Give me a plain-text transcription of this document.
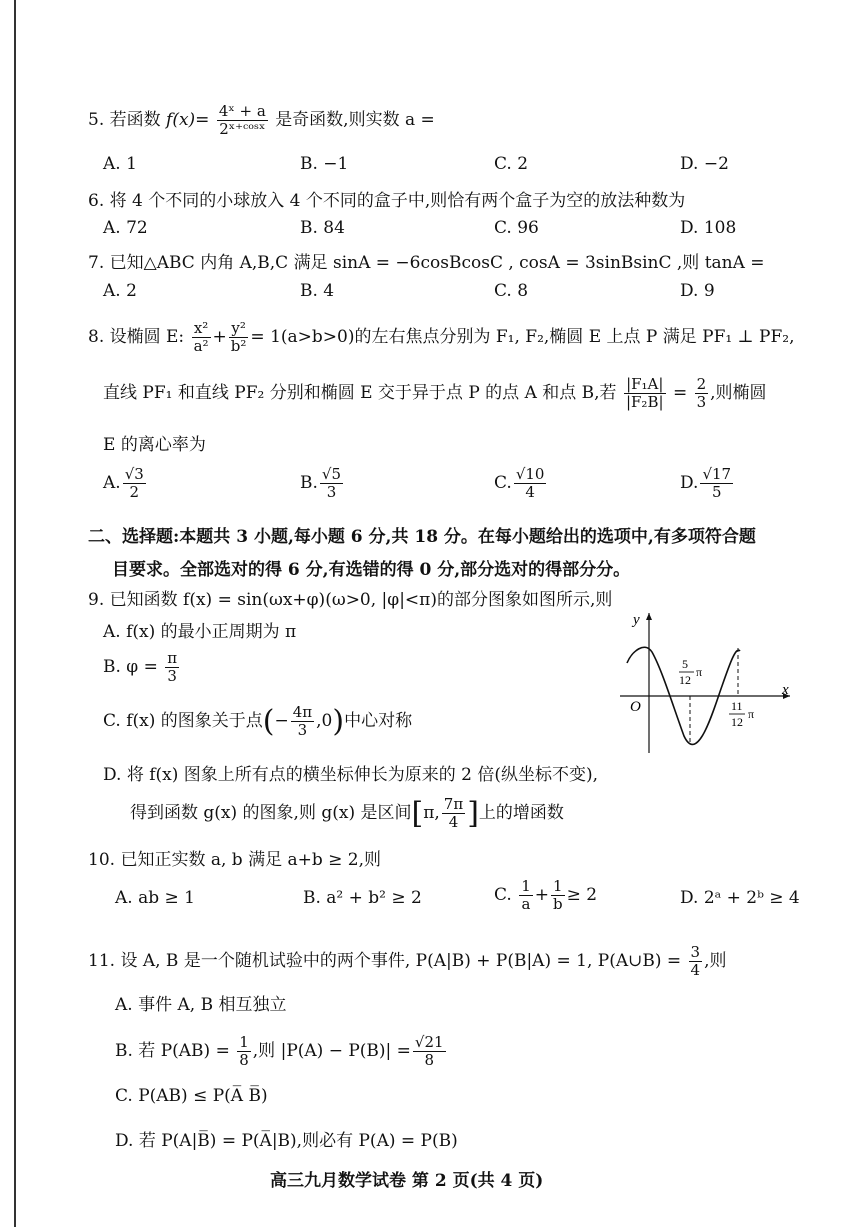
5. 若函数 $f(x)= \frac{\text{4ˣ + a}}{\text{2ˣ⁺ᶜᵒˢˣ}}$ 是奇函数,则实数 a =
A. 1	B. −1	C. 2	D. −2
6. 将 4 个不同的小球放入 4 个不同的盒子中,则恰有两个盒子为空的放法种数为
A. 72	B. 84	C. 96	D. 108
7. 已知△ABC 内角 A,B,C 满足 sinA = −6cosBcosC , cosA = 3sinBsinC ,则 tanA =
A. 2	B. 4	C. 8	D. 9
8. 设椭圆 E: $\frac{\text{x²}}{\text{a²}} + \frac{\text{y²}}{\text{b²}} = 1(a>b>0)$的左右焦点分别为 F₁, F₂,椭圆 E 上点 P 满足 PF₁ ⊥ PF₂,
直线 PF₁ 和直线 PF₂ 分别和椭圆 E 交于异于点 P 的点 A 和点 B,若 $\frac{\text{|F₁A|}}{\text{|F₂B|}} = \frac{2}{3}$ ,则椭圆
E 的离心率为
A. $\frac{√3}{2}$	B. $\frac{√5}{3}$	C. $\frac{√10}{4}$	D. $\frac{√17}{5}$
二、选择题:本题共 3 小题,每小题 6 分,共 18 分。在每小题给出的选项中,有多项符合题
目要求。全部选对的得 6 分,有选错的得 0 分,部分选对的得部分分。
9. 已知函数 f(x) = sin(ωx+φ)(ω>0, |φ|<π)的部分图象如图所示,则
A. f(x) 的最小正周期为 π
B. $\varphi = \frac{\pi}{3}$
C. f(x) 的图象关于点(− $\frac{4\pi}{3} ,0$)中心对称
D. 将 f(x) 图象上所有点的横坐标伸长为原来的 2 倍(纵坐标不变),
得到函数 g(x) 的图象,则 g(x) 是区间[π, $\frac{7\pi}{4}$ ]上的增函数
y
x
O
5
12
π
11
12
π
10. 已知正实数 a, b 满足 a+b ≥ 2,则
A. ab ≥ 1	B. a² + b² ≥ 2	C. $\frac{1}{a} + \frac{1}{b} \ge 2$	D. 2ᵃ + 2ᵇ ≥ 4
11. 设 A, B 是一个随机试验中的两个事件, P(A|B) + P(B|A) = 1, P(A∪B) = $\frac{3}{4}$ ,则
A. 事件 A, B 相互独立
B. 若 $P(AB) = \frac{1}{8}$ ,则 $|P(A) - P(B)| = \frac{√21}{8}$
C. P(AB) ≤ P(A̅ B̅)
D. 若 P(A|B̅) = P(A̅|B),则必有 P(A) = P(B)
高三九月数学试卷 第 2 页(共 4 页)
